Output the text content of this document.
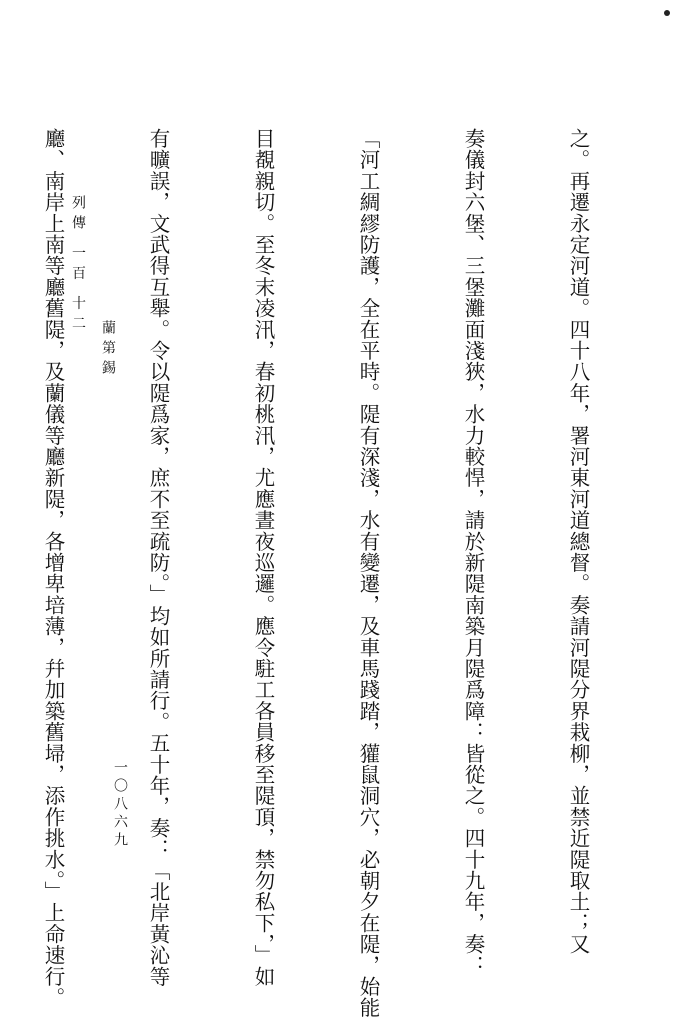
之。再遷永定河道。四十八年，署河東河道總督。奏請河隄分界栽柳，並禁近隄取土；又

奏儀封六堡、三堡灘面淺狹，水力較悍，請於新隄南築月隄爲障：皆從之。四十九年，奏：

「河工綢繆防護，全在平時。隄有深淺，水有變遷，及車馬踐踏，獾鼠洞穴，必朝夕在隄，始能

目覩親切。至冬末凌汛，春初桃汛，尤應晝夜巡邏。應令駐工各員移至隄頂，禁勿私下，」如

有曠誤，文武得互舉。令以隄爲家，庶不至疏防。」均如所請行。五十年，奏：「北岸黃沁等

廳、南岸上南等廳舊隄，及蘭儀等廳新隄，各增卑培薄，幷加築舊埽，添作挑水。」上命速行。

列傳 一百 十二
蘭第錫
一〇八六九
